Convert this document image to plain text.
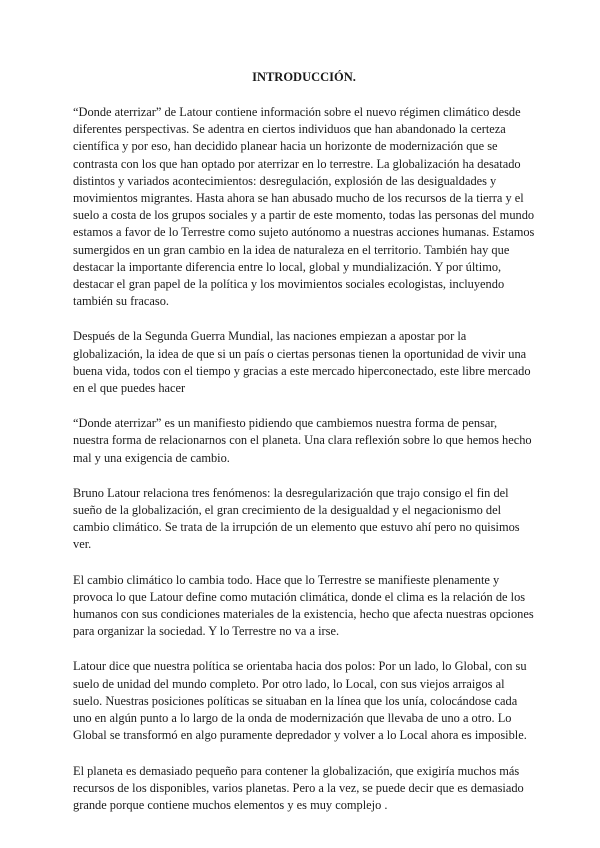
INTRODUCCIÓN.

“Donde aterrizar” de Latour contiene información sobre el nuevo régimen climático desde diferentes perspectivas. Se adentra en ciertos individuos que han abandonado la certeza científica y por eso, han decidido planear hacia un horizonte de modernización que se contrasta con los que han optado por aterrizar en lo terrestre. La globalización ha desatado distintos y variados acontecimientos: desregulación, explosión de las desigualdades y movimientos migrantes. Hasta ahora se han abusado mucho de los recursos de la tierra y el suelo a costa de los grupos sociales y a partir de este momento, todas las personas del mundo estamos a favor de lo Terrestre como sujeto autónomo a nuestras acciones humanas. Estamos sumergidos en un gran cambio en la idea de naturaleza en el territorio. También hay que destacar la importante diferencia entre lo local, global y mundialización. Y por último, destacar el gran papel de la política y los movimientos sociales ecologistas, incluyendo también su fracaso.

Después de la Segunda Guerra Mundial, las naciones empiezan a apostar por la globalización, la idea de que si un país o ciertas personas tienen la oportunidad de vivir una buena vida, todos con el tiempo y gracias a este mercado hiperconectado, este libre mercado en el que puedes hacer

“Donde aterrizar” es un manifiesto pidiendo que cambiemos nuestra forma de pensar, nuestra forma de relacionarnos con el planeta. Una clara reflexión sobre lo que hemos hecho mal y una exigencia de cambio.

Bruno Latour relaciona tres fenómenos: la desregularización que trajo consigo el fin del sueño de la globalización, el gran crecimiento de la desigualdad y el negacionismo del cambio climático. Se trata de la irrupción de un elemento que estuvo ahí pero no quisimos ver.

El cambio climático lo cambia todo. Hace que lo Terrestre se manifieste plenamente y provoca lo que Latour define como mutación climática, donde el clima es la relación de los humanos con sus condiciones materiales de la existencia, hecho que afecta nuestras opciones para organizar la sociedad. Y lo Terrestre no va a irse.

Latour dice que nuestra política se orientaba hacia dos polos: Por un lado, lo Global, con su suelo de unidad del mundo completo. Por otro lado, lo Local, con sus viejos arraigos al suelo. Nuestras posiciones políticas se situaban en la línea que los unía, colocándose cada uno en algún punto a lo largo de la onda de modernización que llevaba de uno a otro. Lo Global se transformó en algo puramente depredador y volver a lo Local ahora es imposible.

El planeta es demasiado pequeño para contener la globalización, que exigiría muchos más recursos de los disponibles, varios planetas. Pero a la vez, se puede decir que es demasiado grande porque contiene muchos elementos y es muy complejo .
